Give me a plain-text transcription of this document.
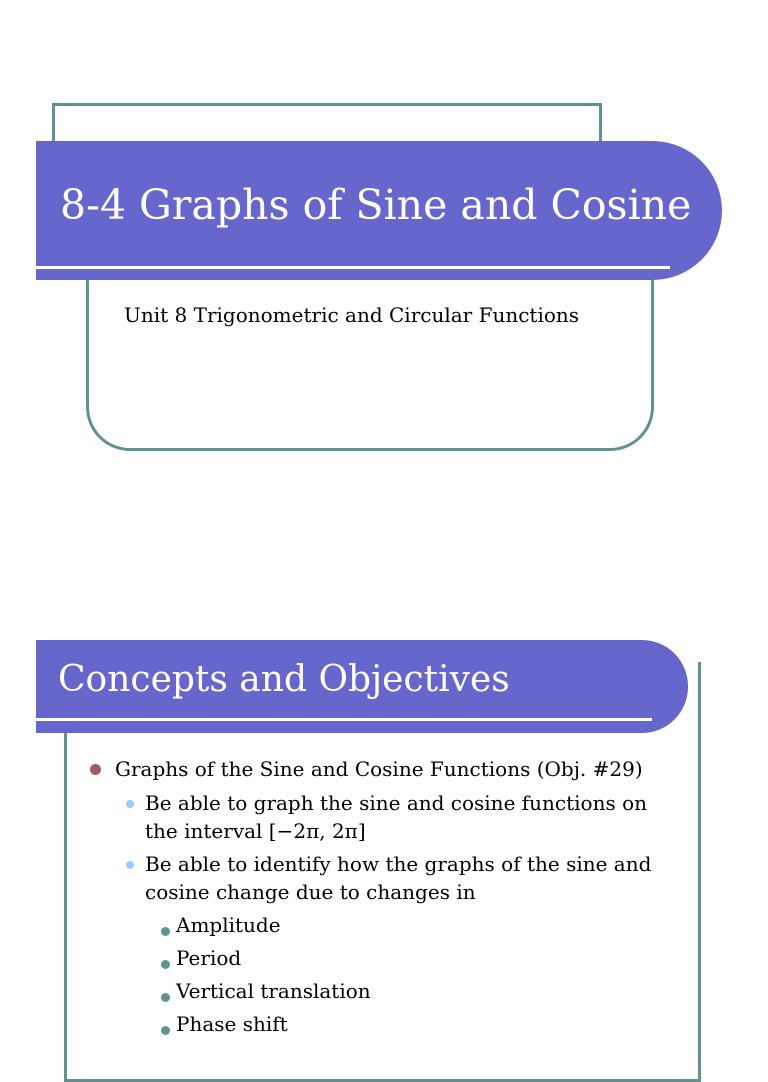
8-4 Graphs of Sine and Cosine
Unit 8 Trigonometric and Circular Functions
Concepts and Objectives
Graphs of the Sine and Cosine Functions (Obj. #29)
Be able to graph the sine and cosine functions on the interval [−2π, 2π]
Be able to identify how the graphs of the sine and cosine change due to changes in
Amplitude
Period
Vertical translation
Phase shift
